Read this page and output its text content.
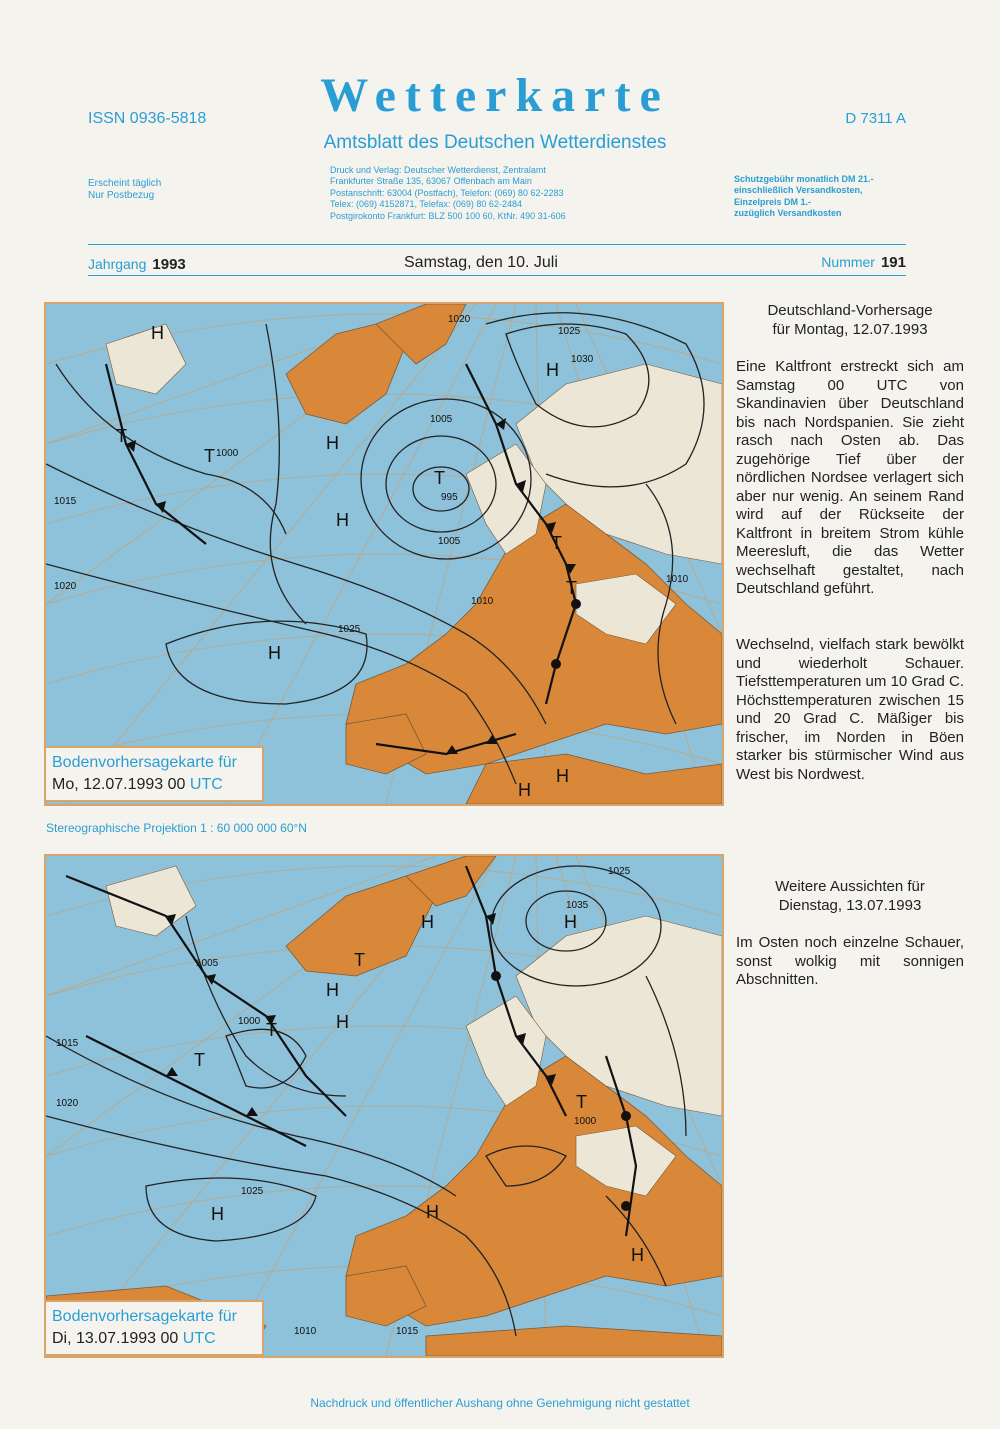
ISSN 0936-5818	Wetterkarte
Amtsblatt des Deutschen Wetterdienstes
D 7311 A
Erscheint täglich
Nur Postbezug
Druck und Verlag: Deutscher Wetterdienst, Zentralamt
Frankfurter Straße 135, 63067 Offenbach am Main
Postanschrift: 63004 (Postfach), Telefon: (069) 80 62-2283
Telex: (069) 4152871, Telefax: (069) 80 62-2484
Postgirokonto Frankfurt: BLZ 500 100 60, KtNr. 490 31-606
Schutzgebühr monatlich DM 21.-
einschließlich Versandkosten,
Einzelpreis DM 1.-
zuzüglich Versandkosten
Jahrgang 1993	Samstag, den 10. Juli	Nummer 191
H
H
H
H
H
H
H
T
T
T
T
T
1000
995
1005
1005
1015
1020
1025
1010
1030
1025
1020
1010
Bodenvorhersagekarte für
Mo, 12.07.1993 00 UTC
Stereographische Projektion 1 : 60 000 000 60°N
H
H
H
H
H	H
H
T
T
T
T
1035
1025
1000
1005
1015
1020
1025
1000
1010	1015
Bodenvorhersagekarte für
Di, 13.07.1993 00 UTC
Deutschland-Vorhersage
für Montag, 12.07.1993
Eine Kaltfront erstreckt sich am Samstag 00 UTC von Skandinavien über Deutschland bis nach Nordspanien. Sie zieht rasch nach Osten ab. Das zugehörige Tief über der nördlichen Nordsee verlagert sich aber nur wenig. An seinem Rand wird auf der Rückseite der Kaltfront in breitem Strom kühle Meeresluft, die das Wetter wechselhaft gestaltet, nach Deutschland geführt.
Wechselnd, vielfach stark bewölkt und wiederholt Schauer. Tiefsttemperaturen um 10 Grad C. Höchsttemperaturen zwischen 15 und 20 Grad C. Mäßiger bis frischer, im Norden in Böen starker bis stürmischer Wind aus West bis Nordwest.
Weitere Aussichten für
Dienstag, 13.07.1993
Im Osten noch einzelne Schauer, sonst wolkig mit sonnigen Abschnitten.
Nachdruck und öffentlicher Aushang ohne Genehmigung nicht gestattet
